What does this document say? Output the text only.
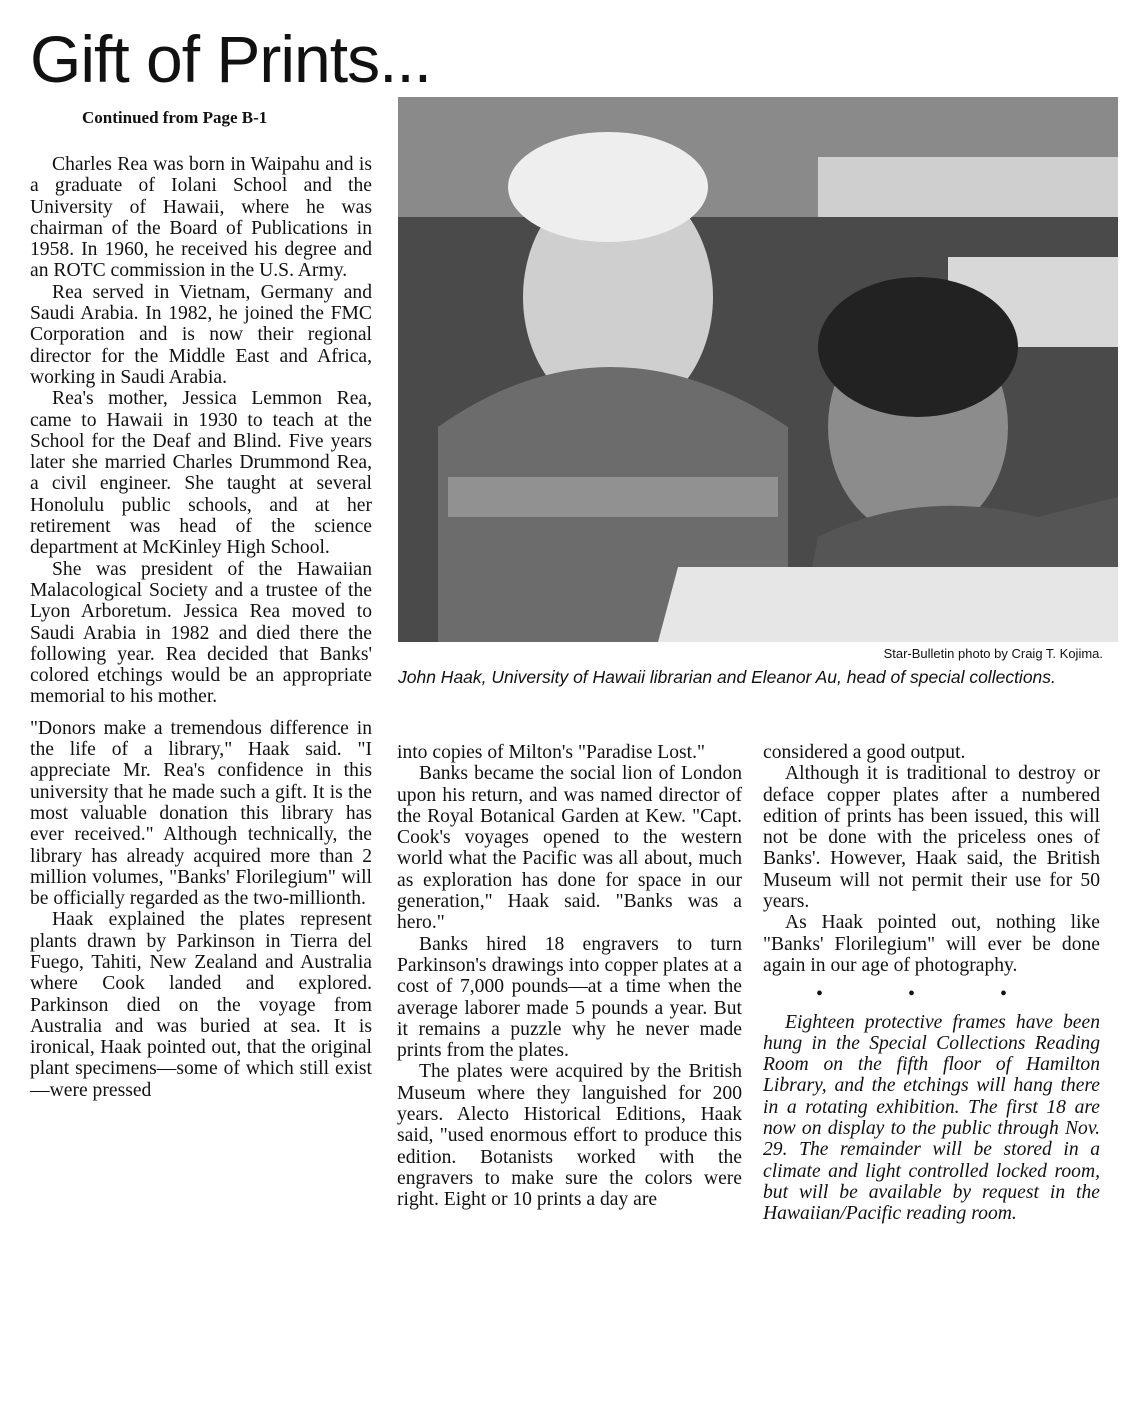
Gift of Prints...
Continued from Page B-1
Star-Bulletin photo by Craig T. Kojima.
John Haak, University of Hawaii librarian and Eleanor Au, head of special collections.

Charles Rea was born in Waipahu and is a graduate of Iolani School and the University of Hawaii, where he was chairman of the Board of Publications in 1958. In 1960, he received his degree and an ROTC commission in the U.S. Army.

Rea served in Vietnam, Germany and Saudi Arabia. In 1982, he joined the FMC Corporation and is now their regional director for the Middle East and Africa, working in Saudi Arabia.

Rea's mother, Jessica Lemmon Rea, came to Hawaii in 1930 to teach at the School for the Deaf and Blind. Five years later she married Charles Drummond Rea, a civil engineer. She taught at several Honolulu public schools, and at her retirement was head of the science department at McKinley High School.

She was president of the Hawaiian Malacological Society and a trustee of the Lyon Arboretum. Jessica Rea moved to Saudi Arabia in 1982 and died there the following year. Rea decided that Banks' colored etchings would be an appropriate memorial to his mother.

"Donors make a tremendous difference in the life of a library," Haak said. "I appreciate Mr. Rea's confidence in this university that he made such a gift. It is the most valuable donation this library has ever received." Although technically, the library has already acquired more than 2 million volumes, "Banks' Florilegium" will be officially regarded as the two-millionth.

Haak explained the plates represent plants drawn by Parkinson in Tierra del Fuego, Tahiti, New Zealand and Australia where Cook landed and explored. Parkinson died on the voyage from Australia and was buried at sea. It is ironical, Haak pointed out, that the original plant specimens—some of which still exist—were pressed

into copies of Milton's "Paradise Lost."

Banks became the social lion of London upon his return, and was named director of the Royal Botanical Garden at Kew. "Capt. Cook's voyages opened to the western world what the Pacific was all about, much as exploration has done for space in our generation," Haak said. "Banks was a hero."

Banks hired 18 engravers to turn Parkinson's drawings into copper plates at a cost of 7,000 pounds—at a time when the average laborer made 5 pounds a year. But it remains a puzzle why he never made prints from the plates.

The plates were acquired by the British Museum where they languished for 200 years. Alecto Historical Editions, Haak said, "used enormous effort to produce this edition. Botanists worked with the engravers to make sure the colors were right. Eight or 10 prints a day are

considered a good output.

Although it is traditional to destroy or deface copper plates after a numbered edition of prints has been issued, this will not be done with the priceless ones of Banks'. However, Haak said, the British Museum will not permit their use for 50 years.

As Haak pointed out, nothing like "Banks' Florilegium" will ever be done again in our age of photography.

• • •

Eighteen protective frames have been hung in the Special Collections Reading Room on the fifth floor of Hamilton Library, and the etchings will hang there in a rotating exhibition. The first 18 are now on display to the public through Nov. 29. The remainder will be stored in a climate and light controlled locked room, but will be available by request in the Hawaiian/Pacific reading room.
